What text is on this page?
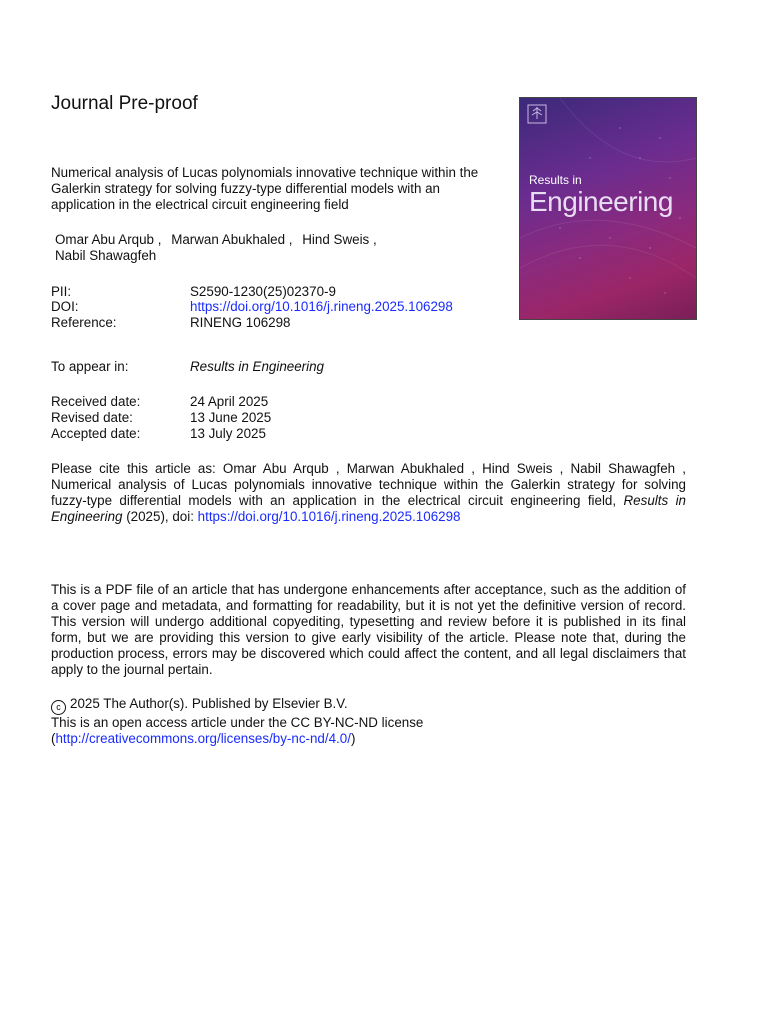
Journal Pre-proof
Numerical analysis of Lucas polynomials innovative technique within the Galerkin strategy for solving fuzzy-type differential models with an application in the electrical circuit engineering field
Omar Abu Arqub , Marwan Abukhaled , Hind Sweis ,
Nabil Shawagfeh
PII:	S2590-1230(25)02370-9
DOI:	https://doi.org/10.1016/j.rineng.2025.106298
Reference:	RINENG 106298
To appear in:	Results in Engineering
Received date:	24 April 2025
Revised date:	13 June 2025
Accepted date:	13 July 2025
Please cite this article as: Omar Abu Arqub , Marwan Abukhaled , Hind Sweis , Nabil Shawagfeh , Numerical analysis of Lucas polynomials innovative technique within the Galerkin strategy for solving fuzzy-type differential models with an application in the electrical circuit engineering field, Results in Engineering (2025), doi: https://doi.org/10.1016/j.rineng.2025.106298
This is a PDF file of an article that has undergone enhancements after acceptance, such as the addition of a cover page and metadata, and formatting for readability, but it is not yet the definitive version of record. This version will undergo additional copyediting, typesetting and review before it is published in its final form, but we are providing this version to give early visibility of the article. Please note that, during the production process, errors may be discovered which could affect the content, and all legal disclaimers that apply to the journal pertain.
c 2025 The Author(s). Published by Elsevier B.V.
This is an open access article under the CC BY-NC-ND license
(http://creativecommons.org/licenses/by-nc-nd/4.0/)
Results in
Engineering
